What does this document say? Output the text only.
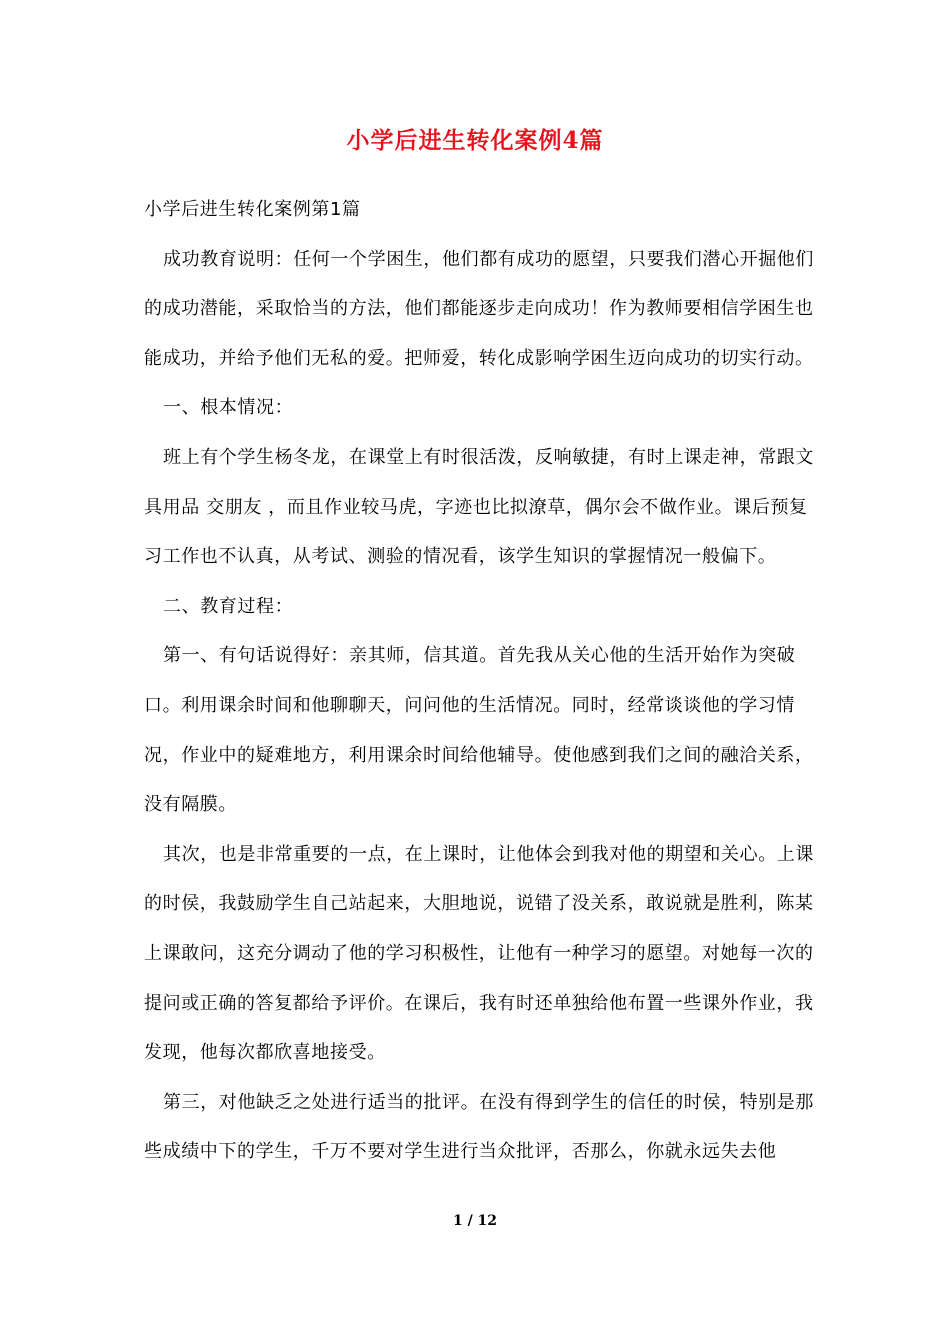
小学后进生转化案例4篇

小学后进生转化案例第1篇

成功教育说明：任何一个学困生，他们都有成功的愿望，只要我们潜心开掘他们的成功潜能，采取恰当的方法，他们都能逐步走向成功！作为教师要相信学困生也能成功，并给予他们无私的爱。把师爱，转化成影响学困生迈向成功的切实行动。

一、根本情况：

班上有个学生杨冬龙，在课堂上有时很活泼，反响敏捷，有时上课走神，常跟文具用品 交朋友 ，而且作业较马虎，字迹也比拟潦草，偶尔会不做作业。课后预复习工作也不认真，从考试、测验的情况看，该学生知识的掌握情况一般偏下。

二、教育过程：

第一、有句话说得好：亲其师，信其道。首先我从关心他的生活开始作为突破口。利用课余时间和他聊聊天，问问他的生活情况。同时，经常谈谈他的学习情况，作业中的疑难地方，利用课余时间给他辅导。使他感到我们之间的融洽关系，没有隔膜。

其次，也是非常重要的一点，在上课时，让他体会到我对他的期望和关心。上课的时侯，我鼓励学生自己站起来，大胆地说，说错了没关系，敢说就是胜利，陈某上课敢问，这充分调动了他的学习积极性，让他有一种学习的愿望。对她每一次的提问或正确的答复都给予评价。在课后，我有时还单独给他布置一些课外作业，我发现，他每次都欣喜地接受。

第三，对他缺乏之处进行适当的批评。在没有得到学生的信任的时侯，特别是那些成绩中下的学生，千万不要对学生进行当众批评，否那么，你就永远失去他

1 / 12
